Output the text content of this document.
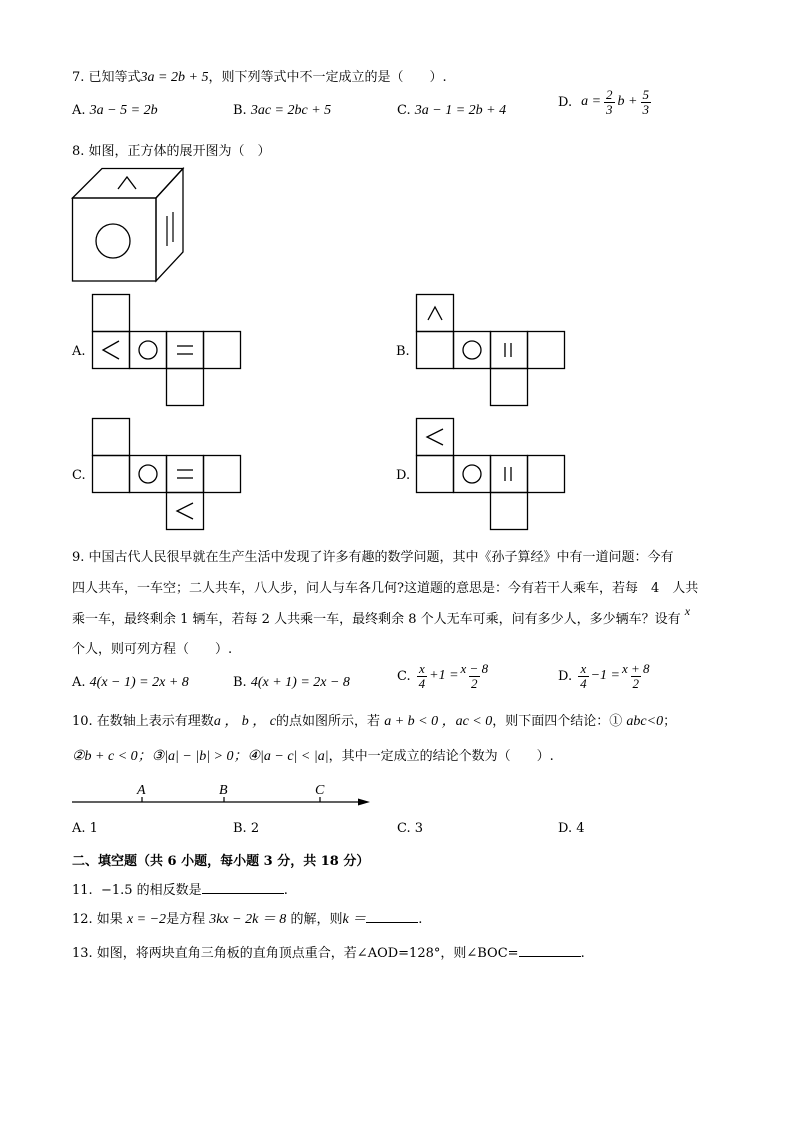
7. 已知等式3a = 2b + 5，则下列等式中不一定成立的是（　　）.
A. 3a − 5 = 2b	B. 3ac = 2bc + 5	C. 3a − 1 = 2b + 4
D. $a = \frac{2}{3}$ $b + \frac{5}{3}$
8. 如图，正方体的展开图为（　）
A.	B.
C.	D.
9. 中国古代人民很早就在生产生活中发现了许多有趣的数学问题，其中《孙子算经》中有一道问题：今有
四人共车，一车空；二人共车，八人步，问人与车各几何?这道题的意思是：今有若干人乘车，若每　4　人共
乘一车，最终剩余 1 辆车，若每 2 人共乘一车，最终剩余 8 个人无车可乘，问有多少人，多少辆车？设有 x
个人，则可列方程（　　）.
A. 4(x − 1) = 2x + 8	B. 4(x + 1) = 2x − 8	C. $\frac{x}{4} +1 = \frac{x - 8}{2}$	D. $\frac{x}{4} -1 = \frac{x + 8}{2}$
10. 在数轴上表示有理数a ， b ， c的点如图所示，若 a + b < 0 ，ac < 0，则下面四个结论：① abc<0；
②b + c < 0；③|a| − |b| > 0；④|a − c| < |a|，其中一定成立的结论个数为（　　）.
A	B	C
A. 1	B. 2	C. 3	D. 4
二、填空题（共 6 小题，每小题 3 分，共 18 分）
11. −1.5 的相反数是	.
12. 如果 x = −2是方程 3kx − 2k ＝ 8 的解，则k ＝	.
13. 如图，将两块直角三角板的直角顶点重合，若∠AOD=128°，则∠BOC=	.
